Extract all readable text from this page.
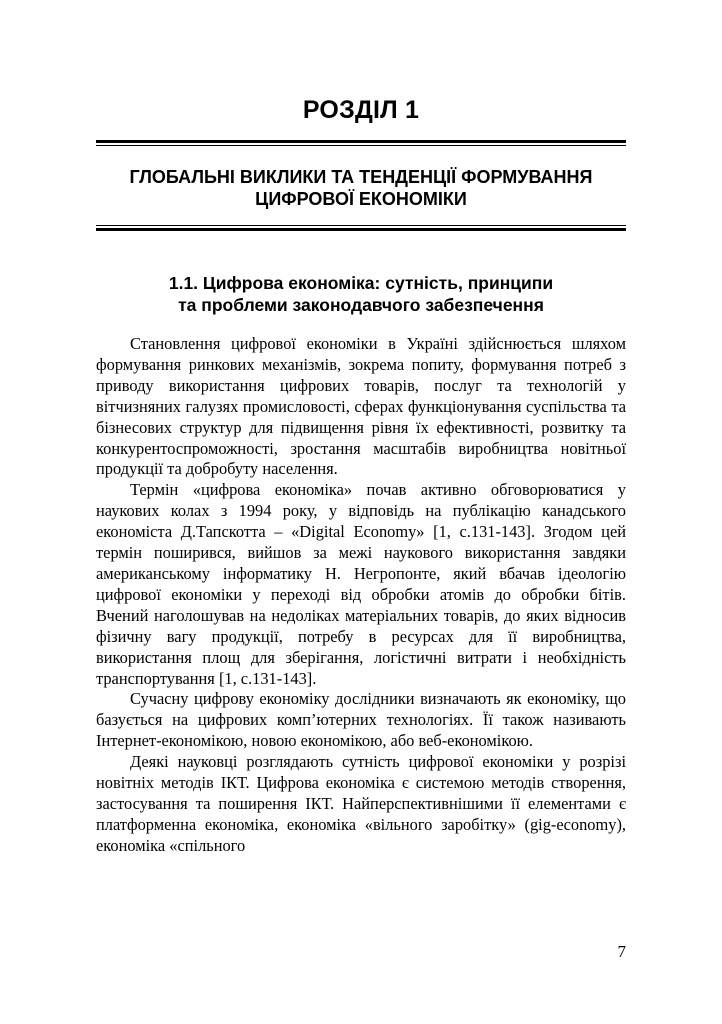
РОЗДІЛ 1
ГЛОБАЛЬНІ ВИКЛИКИ ТА ТЕНДЕНЦІЇ ФОРМУВАННЯ
ЦИФРОВОЇ ЕКОНОМІКИ
1.1. Цифрова економіка: сутність, принципи
та проблеми законодавчого забезпечення

Становлення цифрової економіки в Україні здійснюється шляхом формування ринкових механізмів, зокрема попиту, формування потреб з приводу використання цифрових товарів, послуг та технологій у вітчизняних галузях промисловості, сферах функціонування суспільства та бізнесових структур для підвищення рівня їх ефективності, розвитку та конкурентоспроможності, зростання масштабів виробництва новітньої продукції та добробуту населення.

Термін «цифрова економіка» почав активно обговорюватися у наукових колах з 1994 року, у відповідь на публікацію канадського економіста Д.Тапскотта – «Digital Economy» [1, с.131-143]. Згодом цей термін поширився, вийшов за межі наукового використання завдяки американському інформатику Н. Негропонте, який вбачав ідеологію цифрової економіки у переході від обробки атомів до обробки бітів. Вчений наголошував на недоліках матеріальних товарів, до яких відносив фізичну вагу продукції, потребу в ресурсах для її виробництва, використання площ для зберігання, логістичні витрати і необхідність транспортування [1, с.131-143].

Сучасну цифрову економіку дослідники визначають як економіку, що базується на цифрових комп’ютерних технологіях. Її також називають Інтернет-економікою, новою економікою, або веб-економікою.

Деякі науковці розглядають сутність цифрової економіки у розрізі новітніх методів ІКТ. Цифрова економіка є системою методів створення, застосування та поширення ІКТ. Найперспективнішими її елементами є платформенна економіка, економіка «вільного заробітку» (gig-economy), економіка «спільного

7
